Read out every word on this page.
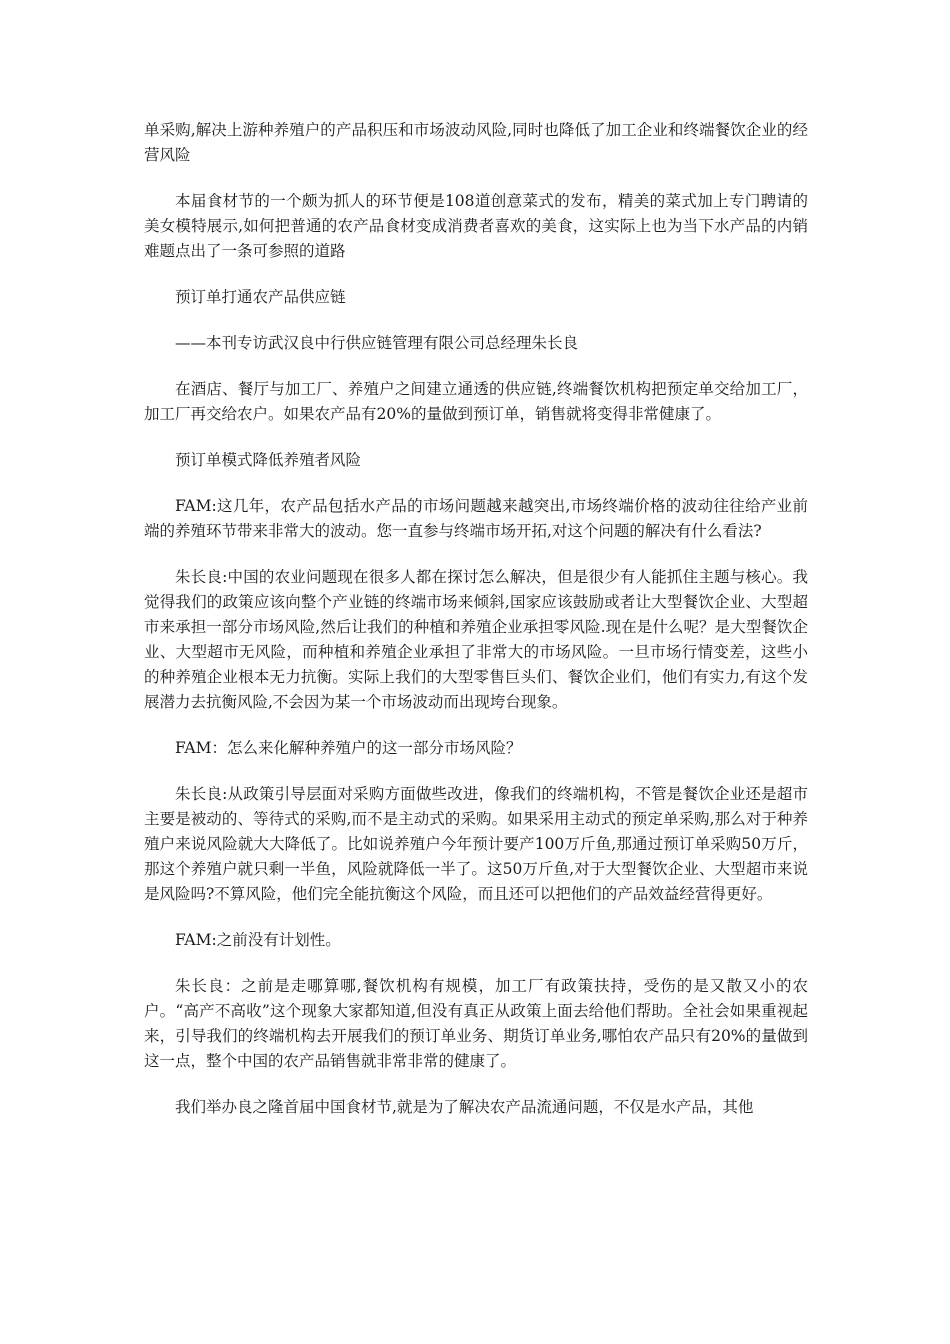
单采购,解决上游种养殖户的产品积压和市场波动风险,同时也降低了加工企业和终端餐饮企业的经营风险

本届食材节的一个颇为抓人的环节便是108道创意菜式的发布，精美的菜式加上专门聘请的美女模特展示,如何把普通的农产品食材变成消费者喜欢的美食，这实际上也为当下水产品的内销难题点出了一条可参照的道路

预订单打通农产品供应链

——本刊专访武汉良中行供应链管理有限公司总经理朱长良

在酒店、餐厅与加工厂、养殖户之间建立通透的供应链,终端餐饮机构把预定单交给加工厂，加工厂再交给农户。如果农产品有20%的量做到预订单，销售就将变得非常健康了。

预订单模式降低养殖者风险

FAM:这几年，农产品包括水产品的市场问题越来越突出,市场终端价格的波动往往给产业前端的养殖环节带来非常大的波动。您一直参与终端市场开拓,对这个问题的解决有什么看法?

朱长良:中国的农业问题现在很多人都在探讨怎么解决，但是很少有人能抓住主题与核心。我觉得我们的政策应该向整个产业链的终端市场来倾斜,国家应该鼓励或者让大型餐饮企业、大型超市来承担一部分市场风险,然后让我们的种植和养殖企业承担零风险.现在是什么呢？是大型餐饮企业、大型超市无风险，而种植和养殖企业承担了非常大的市场风险。一旦市场行情变差，这些小的种养殖企业根本无力抗衡。实际上我们的大型零售巨头们、餐饮企业们，他们有实力,有这个发展潜力去抗衡风险,不会因为某一个市场波动而出现垮台现象。

FAM：怎么来化解种养殖户的这一部分市场风险？

朱长良:从政策引导层面对采购方面做些改进，像我们的终端机构，不管是餐饮企业还是超市主要是被动的、等待式的采购,而不是主动式的采购。如果采用主动式的预定单采购,那么对于种养殖户来说风险就大大降低了。比如说养殖户今年预计要产100万斤鱼,那通过预订单采购50万斤，那这个养殖户就只剩一半鱼，风险就降低一半了。这50万斤鱼,对于大型餐饮企业、大型超市来说是风险吗?不算风险，他们完全能抗衡这个风险，而且还可以把他们的产品效益经营得更好。

FAM:之前没有计划性。

朱长良：之前是走哪算哪,餐饮机构有规模，加工厂有政策扶持，受伤的是又散又小的农户。“高产不高收”这个现象大家都知道,但没有真正从政策上面去给他们帮助。全社会如果重视起来，引导我们的终端机构去开展我们的预订单业务、期货订单业务,哪怕农产品只有20%的量做到这一点，整个中国的农产品销售就非常非常的健康了。

我们举办良之隆首届中国食材节,就是为了解决农产品流通问题，不仅是水产品，其他
